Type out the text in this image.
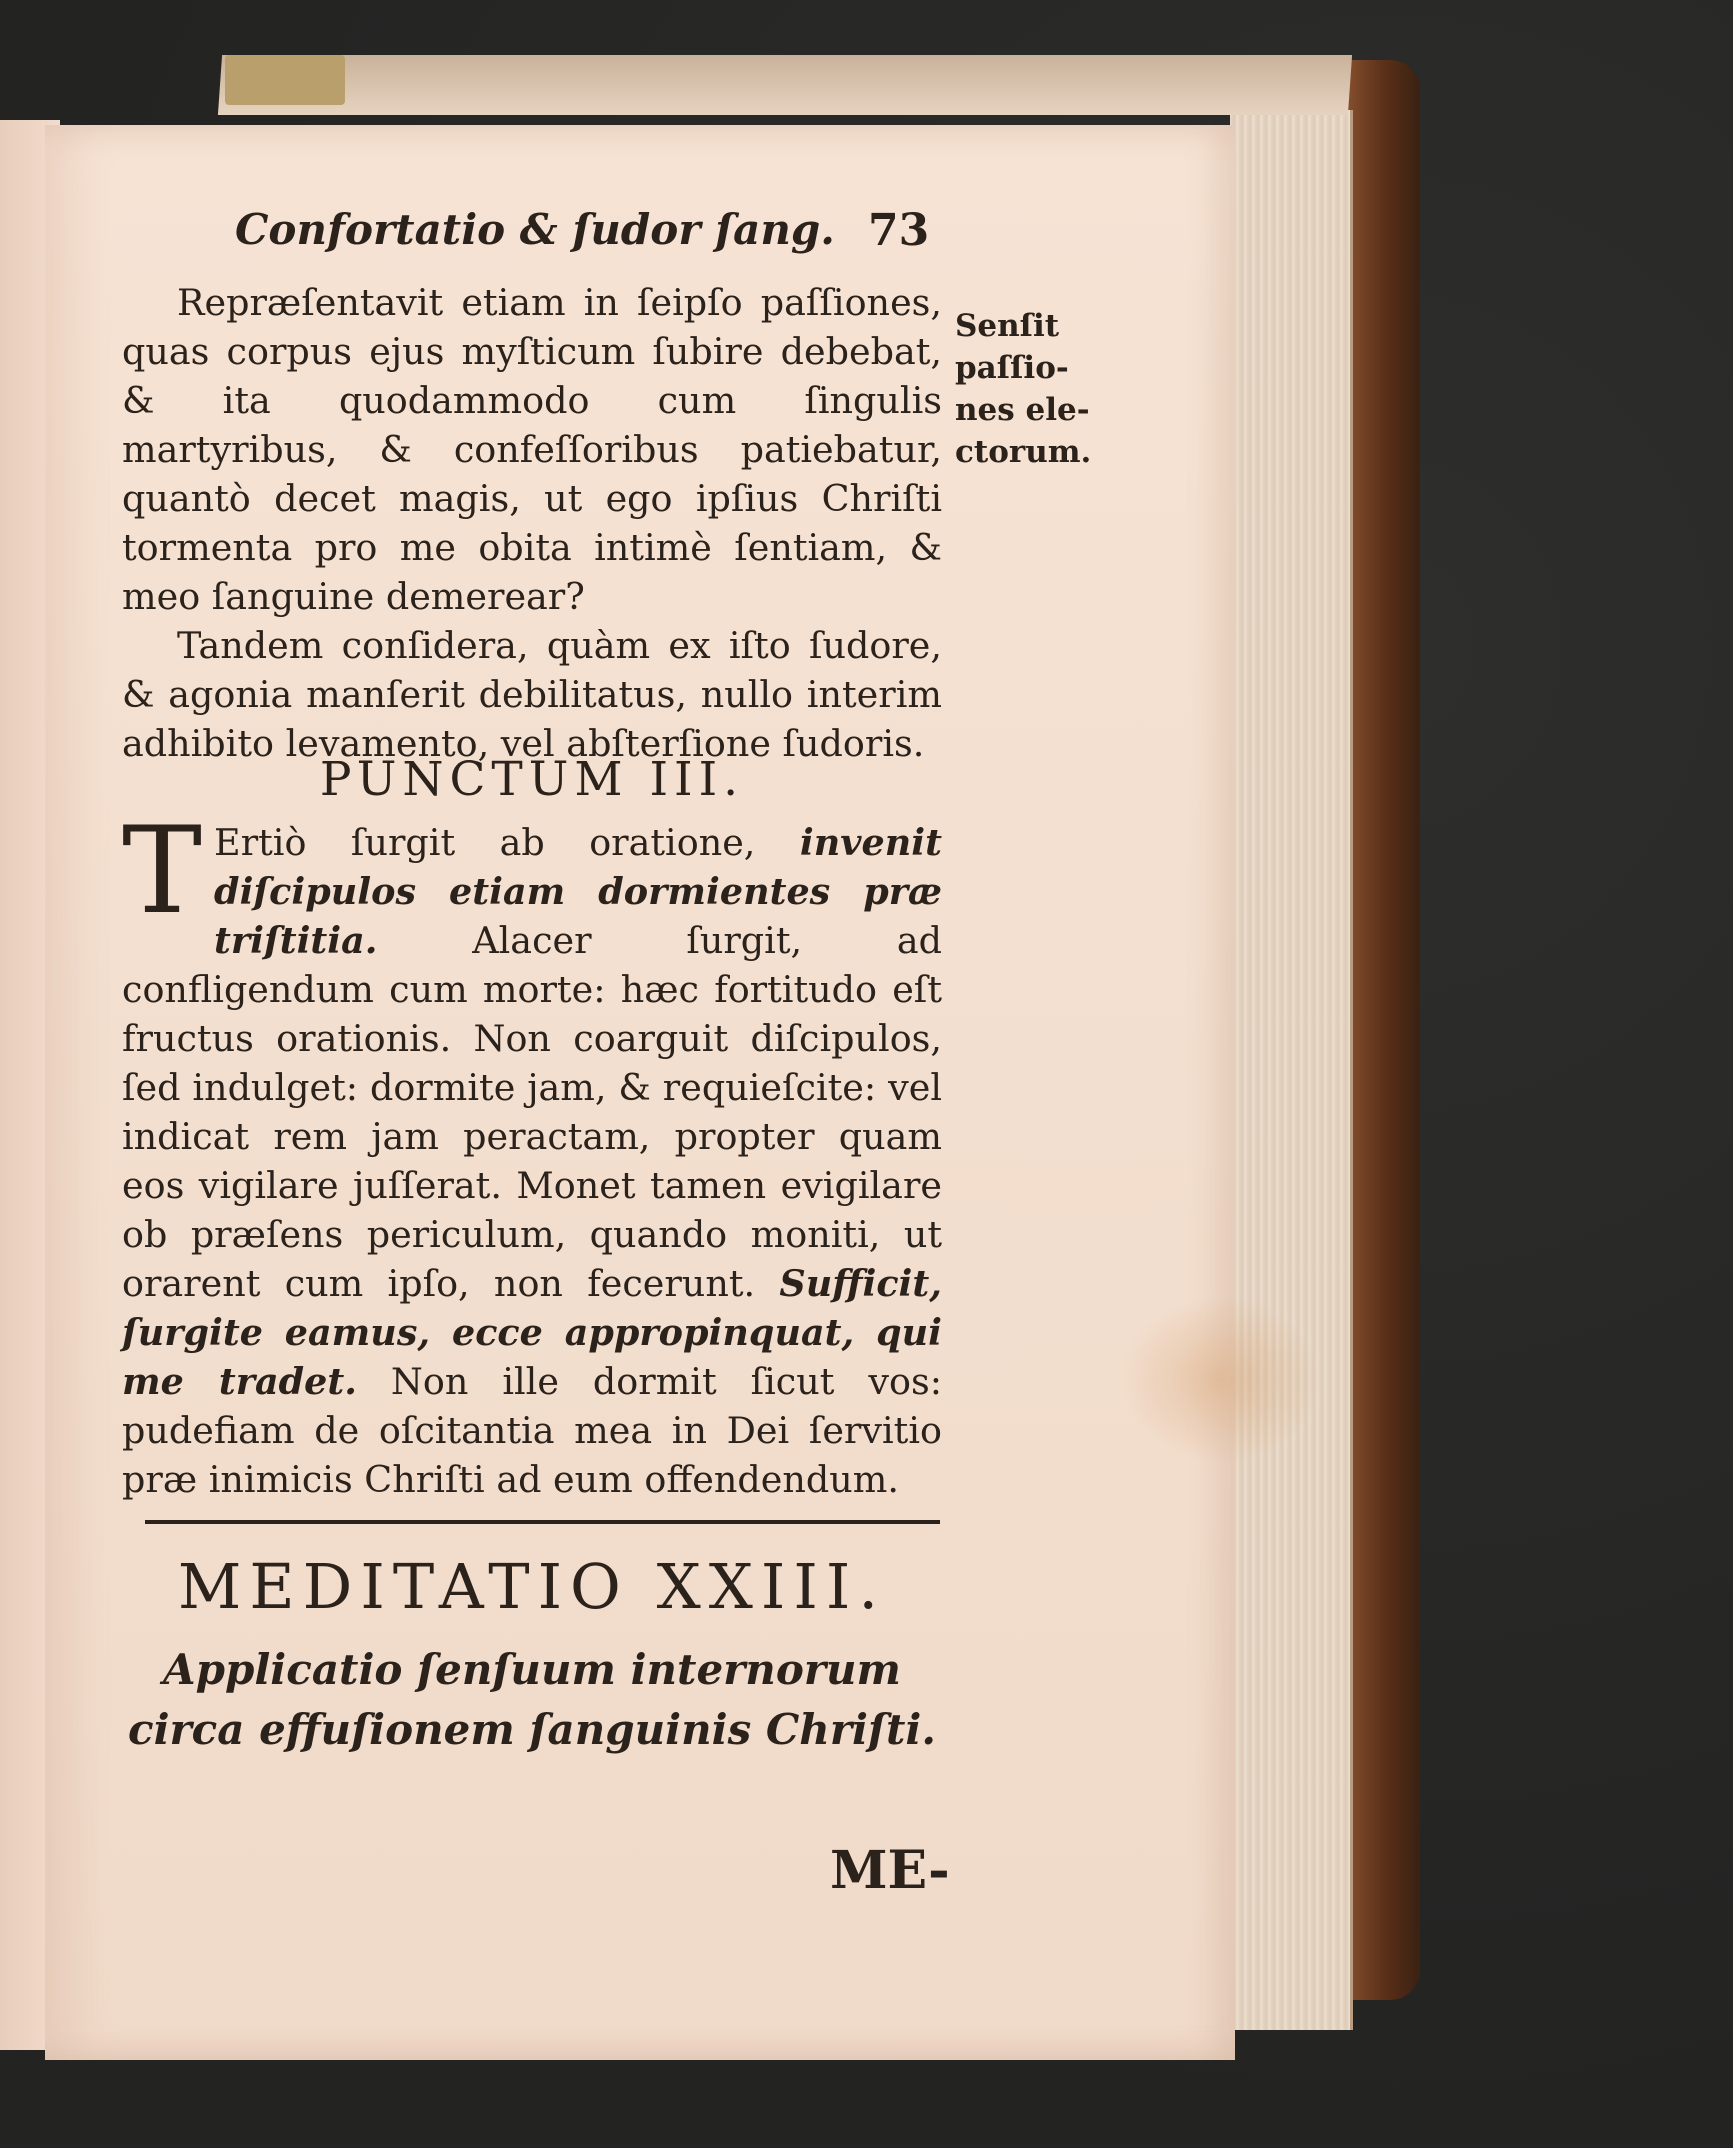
Confortatio & ſudor ſang. 73
Senſit
paſſio-
nes ele-
ctorum.

Repræſentavit etiam in ſeipſo paſſiones, quas corpus ejus myſticum ſubire debebat, & ita quodammodo cum ſingulis martyribus, & confeſſoribus patiebatur, quantò decet magis, ut ego ipſius Chriſti tormenta pro me obita intimè ſentiam, & meo ſanguine demerear?

Tandem conſidera, quàm ex iſto ſudore, & agonia manſerit debilitatus, nullo interim adhibito levamento, vel abſterſione ſudoris.

PUNCTUM III.

T Ertiò ſurgit ab oratione, invenit diſcipulos etiam dormientes præ triſtitia. Alacer ſurgit, ad confligendum cum morte: hæc fortitudo eſt fructus orationis. Non coarguit diſcipulos, ſed indulget: dormite jam, & requieſcite: vel indicat rem jam peractam, propter quam eos vigilare juſſerat. Monet tamen evigilare ob præſens periculum, quando moniti, ut orarent cum ipſo, non fecerunt. Sufficit, ſurgite eamus, ecce appropinquat, qui me tradet. Non ille dormit ſicut vos: pudefiam de oſcitantia mea in Dei ſervitio præ inimicis Chriſti ad eum offendendum.

MEDITATIO XXIII.
Applicatio ſenſuum internorum circa effuſionem ſanguinis Chriſti.
ME-
